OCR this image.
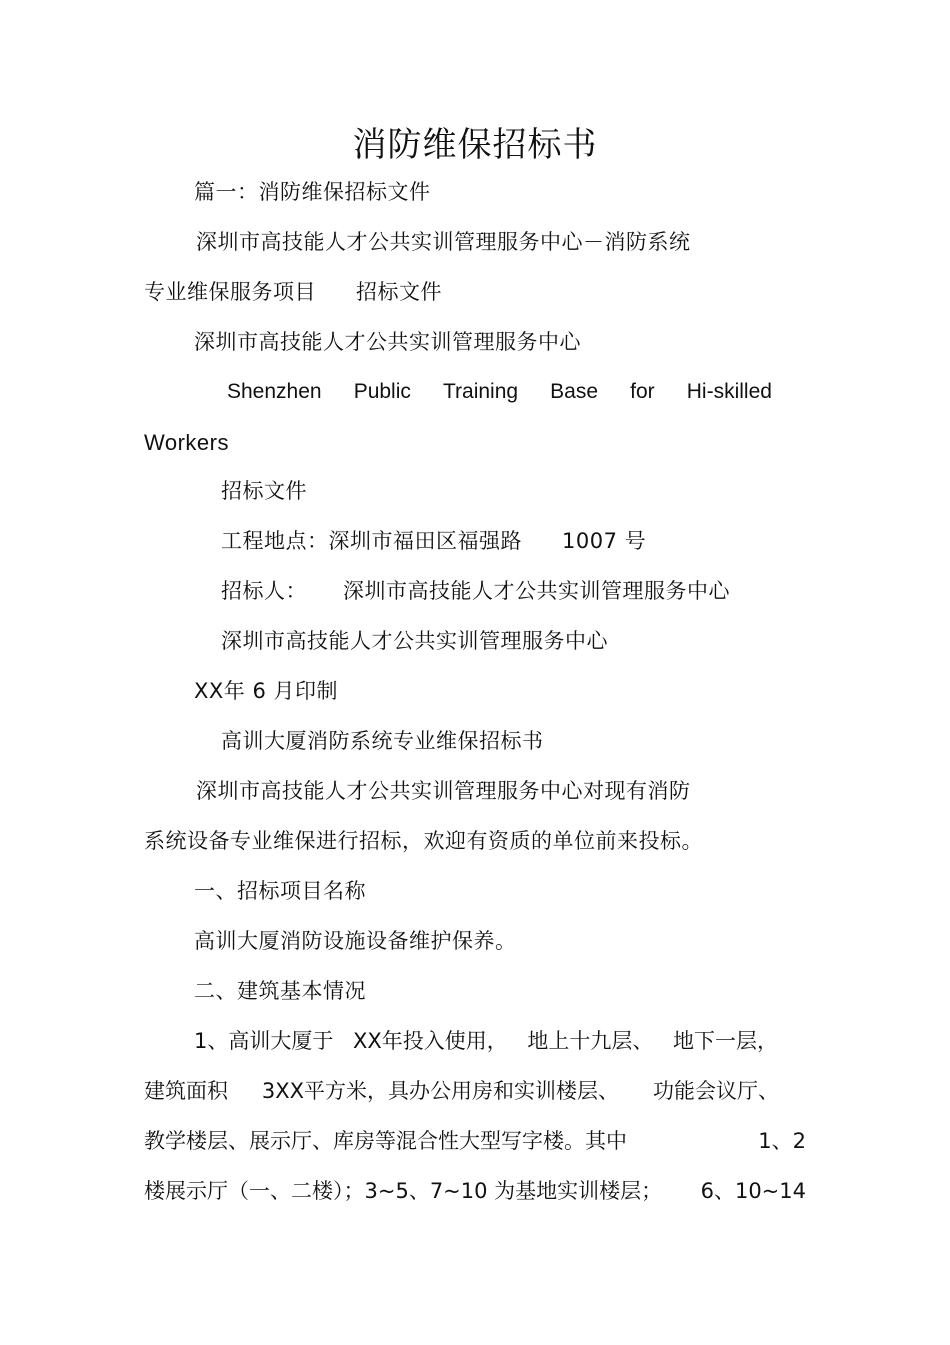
消防维保招标书
篇一：消防维保招标文件
深圳市高技能人才公共实训管理服务中心－消防系统
专业维保服务项目 招标文件
深圳市高技能人才公共实训管理服务中心
Shenzhen Public Training Base for Hi-skilled
Workers
招标文件
工程地点：深圳市福田区福强路 1007 号
招标人： 深圳市高技能人才公共实训管理服务中心
深圳市高技能人才公共实训管理服务中心
XX年 6 月印制
高训大厦消防系统专业维保招标书
深圳市高技能人才公共实训管理服务中心对现有消防
系统设备专业维保进行招标，欢迎有资质的单位前来投标。
一、招标项目名称
高训大厦消防设施设备维护保养。
二、建筑基本情况
1、高训大厦于 XX年投入使用， 地上十九层、 地下一层，
建筑面积 3XX平方米，具办公用房和实训楼层、 功能会议厅、
教学楼层、展示厅、库房等混合性大型写字楼。其中	1、2
楼展示厅（一、二楼）；3~5、7~10 为基地实训楼层； 6、10~14
